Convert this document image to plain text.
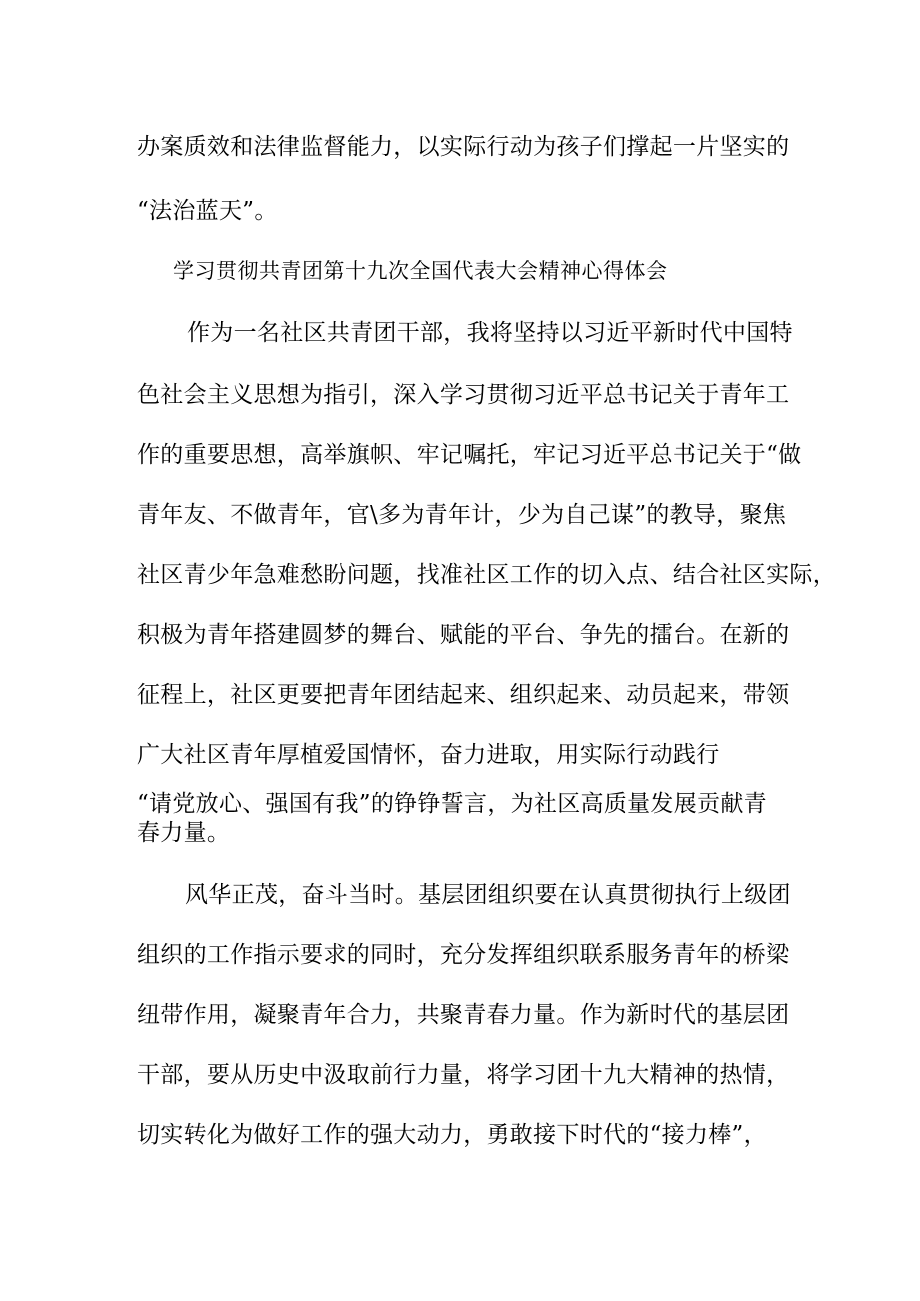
办案质效和法律监督能力，以实际行动为孩子们撑起一片坚实的
“法治蓝天”。
学习贯彻共青团第十九次全国代表大会精神心得体会
作为一名社区共青团干部，我将坚持以习近平新时代中国特
色社会主义思想为指引，深入学习贯彻习近平总书记关于青年工
作的重要思想，高举旗帜、牢记嘱托，牢记习近平总书记关于“做
青年友、不做青年，官\多为青年计，少为自己谋”的教导，聚焦
社区青少年急难愁盼问题，找准社区工作的切入点、结合社区实际，
积极为青年搭建圆梦的舞台、赋能的平台、争先的擂台。在新的
征程上，社区更要把青年团结起来、组织起来、动员起来，带领
广大社区青年厚植爱国情怀，奋力进取，用实际行动践行
“请党放心、强国有我”的铮铮誓言，为社区高质量发展贡献青
春力量。
风华正茂，奋斗当时。基层团组织要在认真贯彻执行上级团
组织的工作指示要求的同时，充分发挥组织联系服务青年的桥梁
纽带作用，凝聚青年合力，共聚青春力量。作为新时代的基层团
干部，要从历史中汲取前行力量，将学习团十九大精神的热情，
切实转化为做好工作的强大动力，勇敢接下时代的“接力棒”，
